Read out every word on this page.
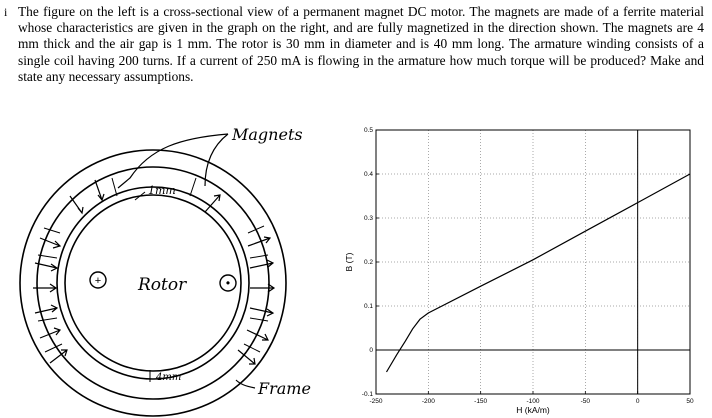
i The figure on the left is a cross-sectional view of a permanent magnet DC motor. The magnets are made of a ferrite material whose characteristics are given in the graph on the right, and are fully magnetized in the direction shown. The magnets are 4 mm thick and the air gap is 1 mm. The rotor is 30 mm in diameter and is 40 mm long. The armature winding consists of a single coil having 200 turns. If a current of 250 mA is flowing in the armature how much torque will be produced? Make and state any necessary assumptions.

Magnets
1mm
Rotor
+	•
4mm
Frame
-250	-200	-150	-100	-50	0	50
-0.1
0
0.1
0.2
0.3
0.4
0.5
H (kA/m)
B (T)
